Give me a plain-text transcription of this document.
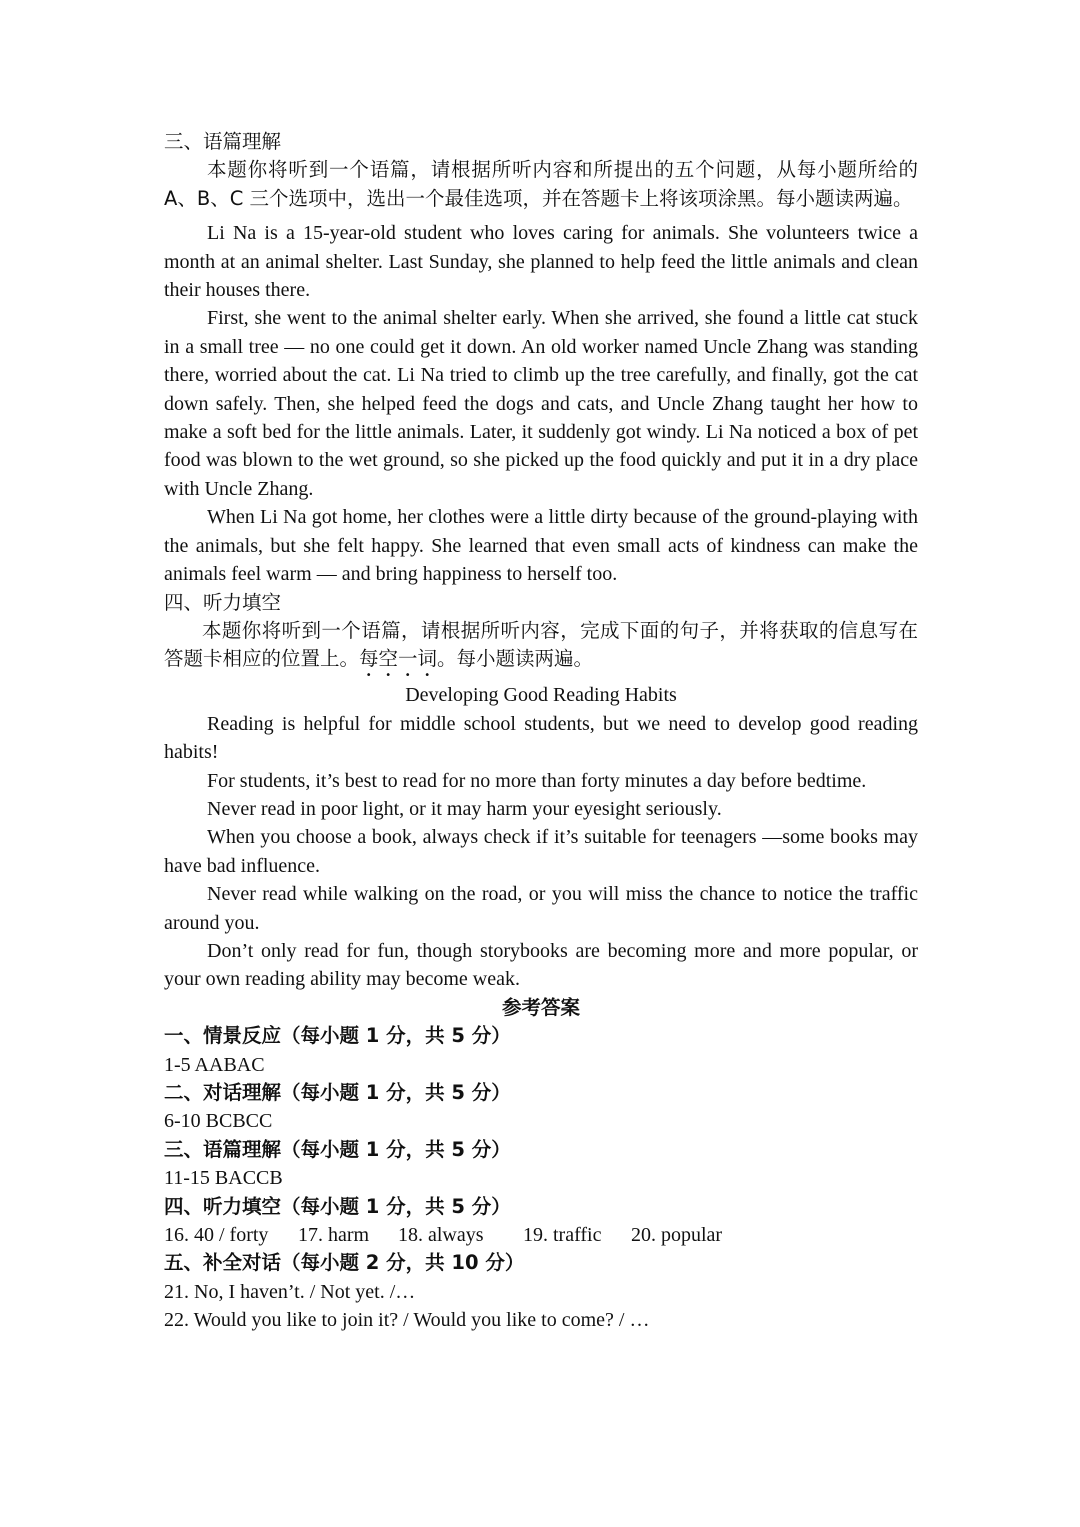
三、语篇理解

本题你将听到一个语篇，请根据所听内容和所提出的五个问题，从每小题所给的 A、B、C 三个选项中，选出一个最佳选项，并在答题卡上将该项涂黑。每小题读两遍。

Li Na is a 15-year-old student who loves caring for animals. She volunteers twice a month at an animal shelter. Last Sunday, she planned to help feed the little animals and clean their houses there.

First, she went to the animal shelter early. When she arrived, she found a little cat stuck in a small tree — no one could get it down. An old worker named Uncle Zhang was standing there, worried about the cat. Li Na tried to climb up the tree carefully, and finally, got the cat down safely. Then, she helped feed the dogs and cats, and Uncle Zhang taught her how to make a soft bed for the little animals. Later, it suddenly got windy. Li Na noticed a box of pet food was blown to the wet ground, so she picked up the food quickly and put it in a dry place with Uncle Zhang.

When Li Na got home, her clothes were a little dirty because of the ground-playing with the animals, but she felt happy. She learned that even small acts of kindness can make the animals feel warm — and bring happiness to herself too.

四、听力填空

本题你将听到一个语篇，请根据所听内容，完成下面的句子，并将获取的信息写在答题卡相应的位置上。每空一词。每小题读两遍。

Developing Good Reading Habits

Reading is helpful for middle school students, but we need to develop good reading habits!

For students, it’s best to read for no more than forty minutes a day before bedtime.

Never read in poor light, or it may harm your eyesight seriously.

When you choose a book, always check if it’s suitable for teenagers —some books may have bad influence.

Never read while walking on the road, or you will miss the chance to notice the traffic around you.

Don’t only read for fun, though storybooks are becoming more and more popular, or your own reading ability may become weak.

参考答案

一、情景反应（每小题 1 分，共 5 分）

1-5 AABAC

二、对话理解（每小题 1 分，共 5 分）

6-10 BCBCC

三、语篇理解（每小题 1 分，共 5 分）

11-15 BACCB

四、听力填空（每小题 1 分，共 5 分）

16. 40 / forty 17. harm 18. always 19. traffic 20. popular

五、补全对话（每小题 2 分，共 10 分）

21. No, I haven’t. / Not yet. /…

22. Would you like to join it? / Would you like to come? / …
